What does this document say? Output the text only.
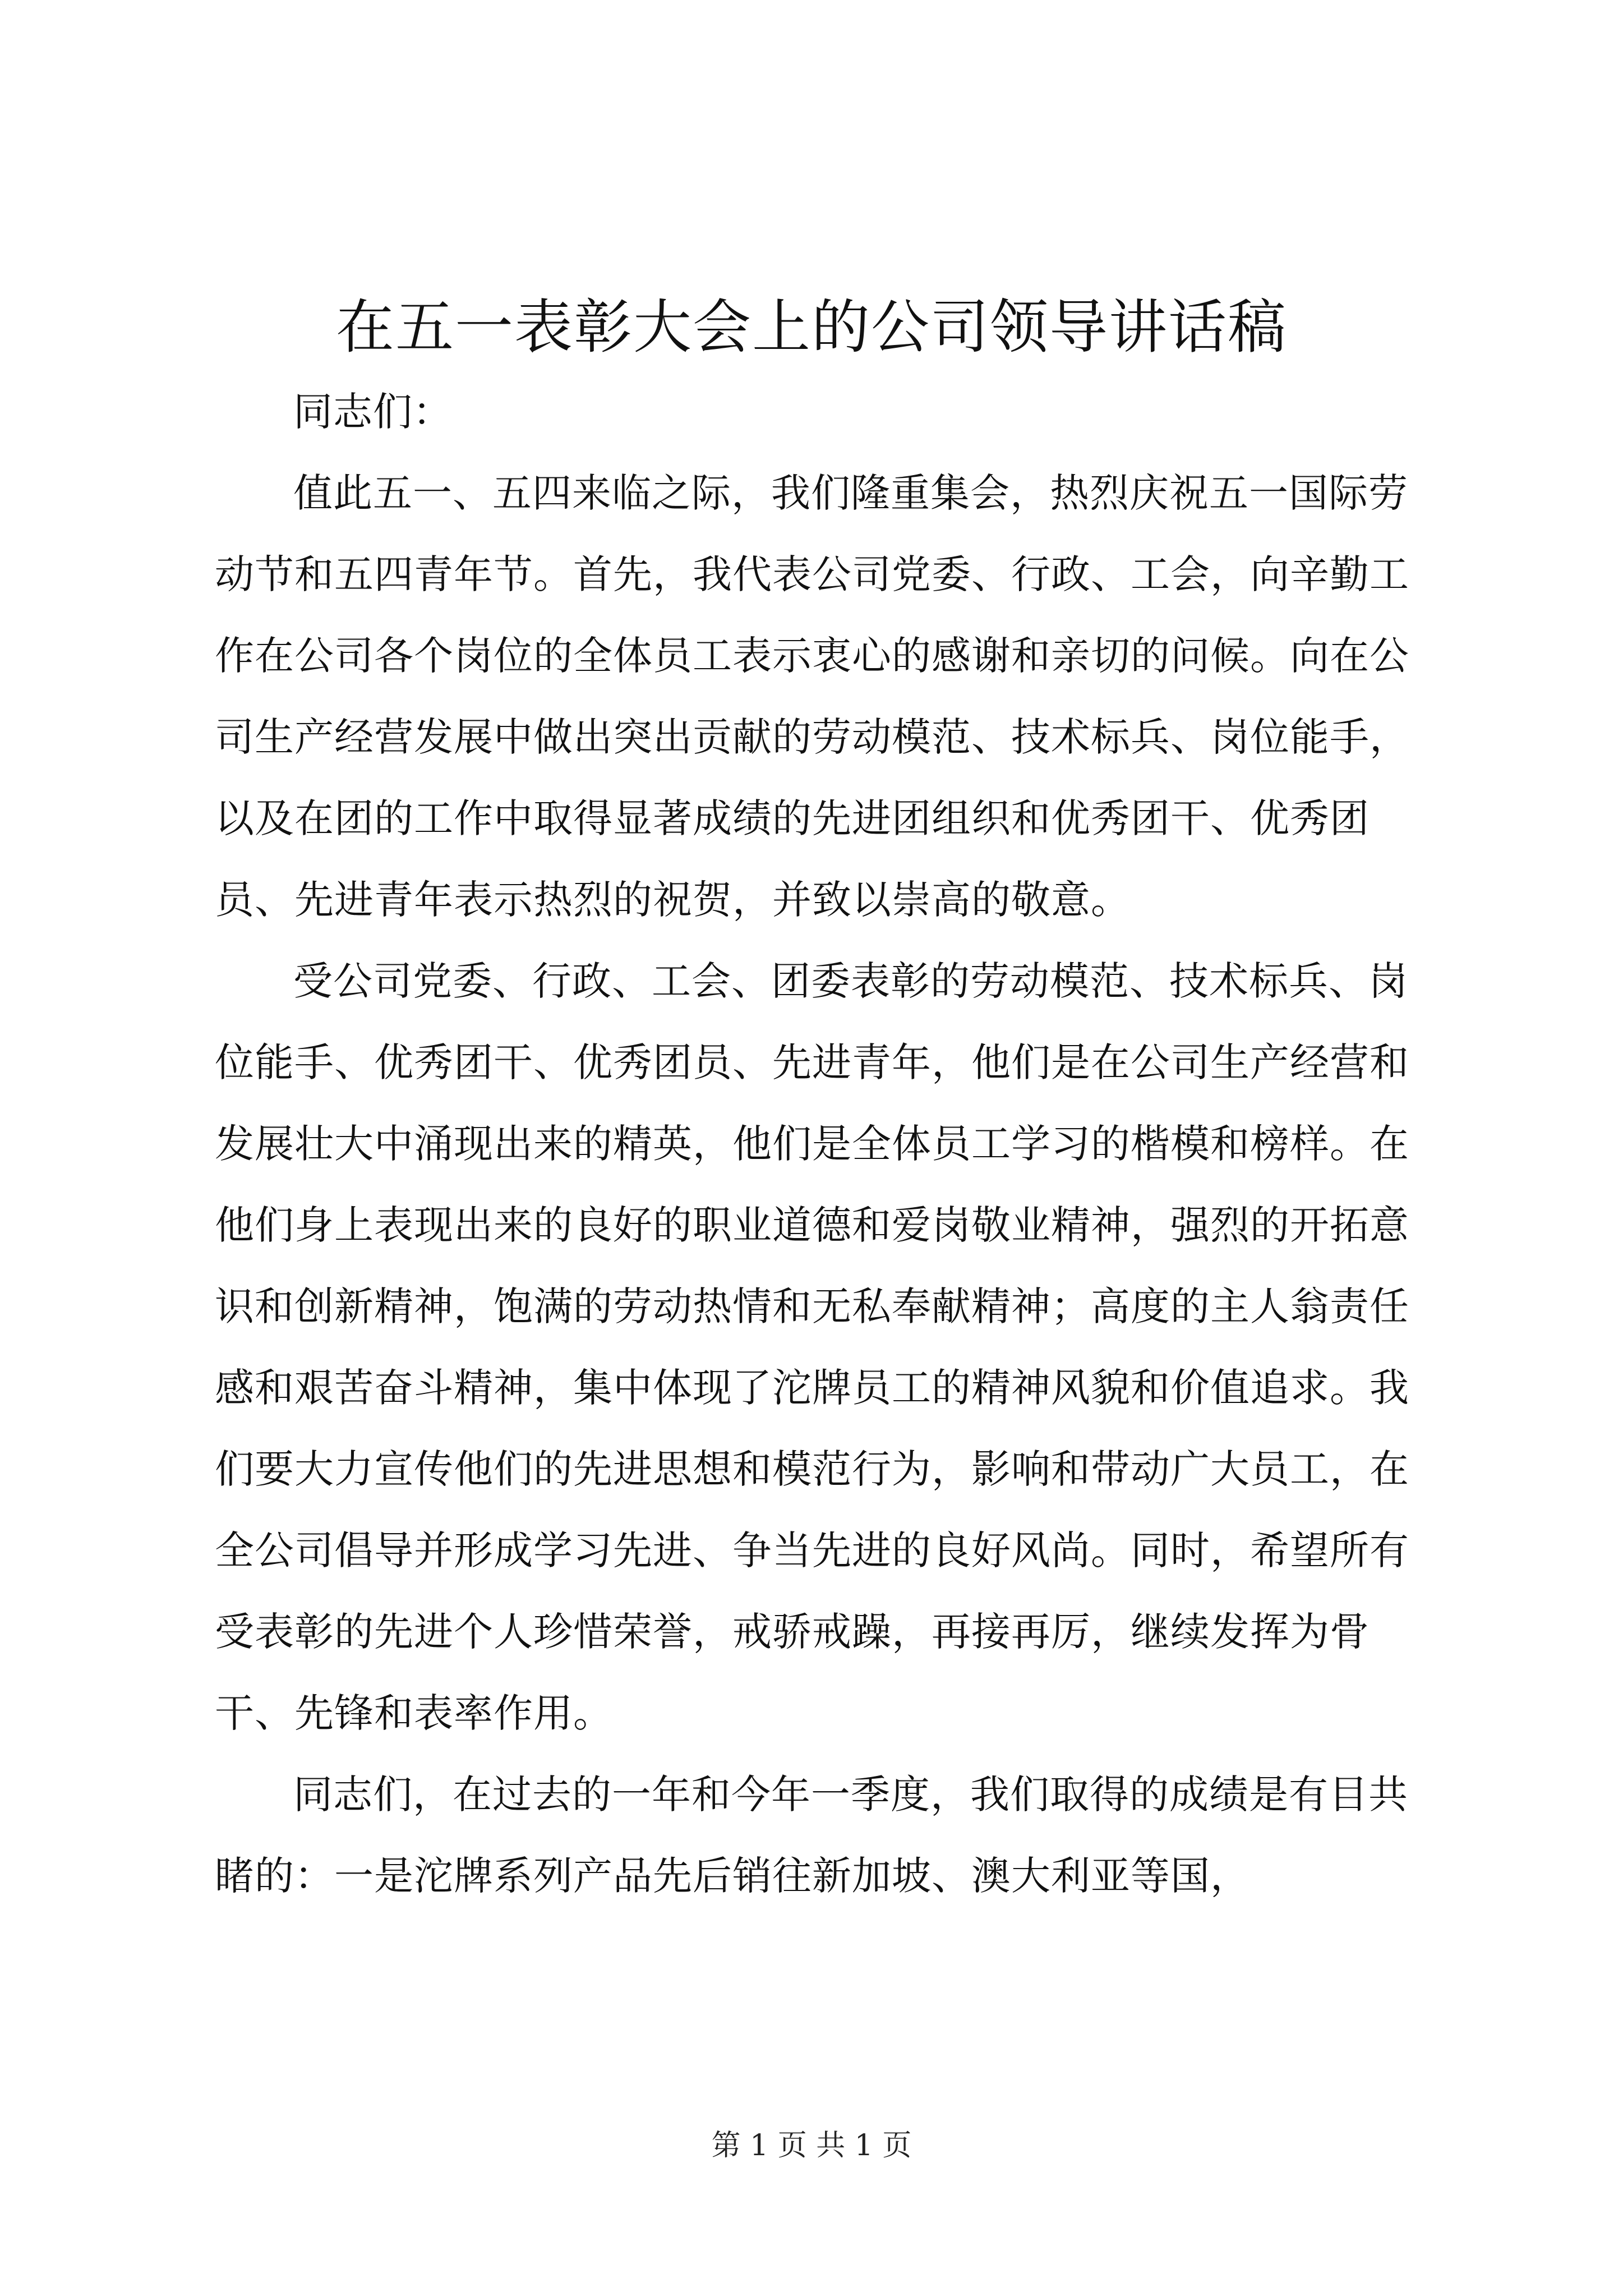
在五一表彰大会上的公司领导讲话稿

同志们：

值此五一、五四来临之际，我们隆重集会，热烈庆祝五一国际劳动节和五四青年节。首先，我代表公司党委、行政、工会，向辛勤工作在公司各个岗位的全体员工表示衷心的感谢和亲切的问候。向在公司生产经营发展中做出突出贡献的劳动模范、技术标兵、岗位能手，以及在团的工作中取得显著成绩的先进团组织和优秀团干、优秀团员、先进青年表示热烈的祝贺，并致以崇高的敬意。

受公司党委、行政、工会、团委表彰的劳动模范、技术标兵、岗位能手、优秀团干、优秀团员、先进青年，他们是在公司生产经营和发展壮大中涌现出来的精英，他们是全体员工学习的楷模和榜样。在他们身上表现出来的良好的职业道德和爱岗敬业精神，强烈的开拓意识和创新精神，饱满的劳动热情和无私奉献精神；高度的主人翁责任感和艰苦奋斗精神，集中体现了沱牌员工的精神风貌和价值追求。我们要大力宣传他们的先进思想和模范行为，影响和带动广大员工，在全公司倡导并形成学习先进、争当先进的良好风尚。同时，希望所有受表彰的先进个人珍惜荣誉，戒骄戒躁，再接再厉，继续发挥为骨干、先锋和表率作用。

同志们，在过去的一年和今年一季度，我们取得的成绩是有目共睹的：一是沱牌系列产品先后销往新加坡、澳大利亚等国，

第 1 页 共 1 页
